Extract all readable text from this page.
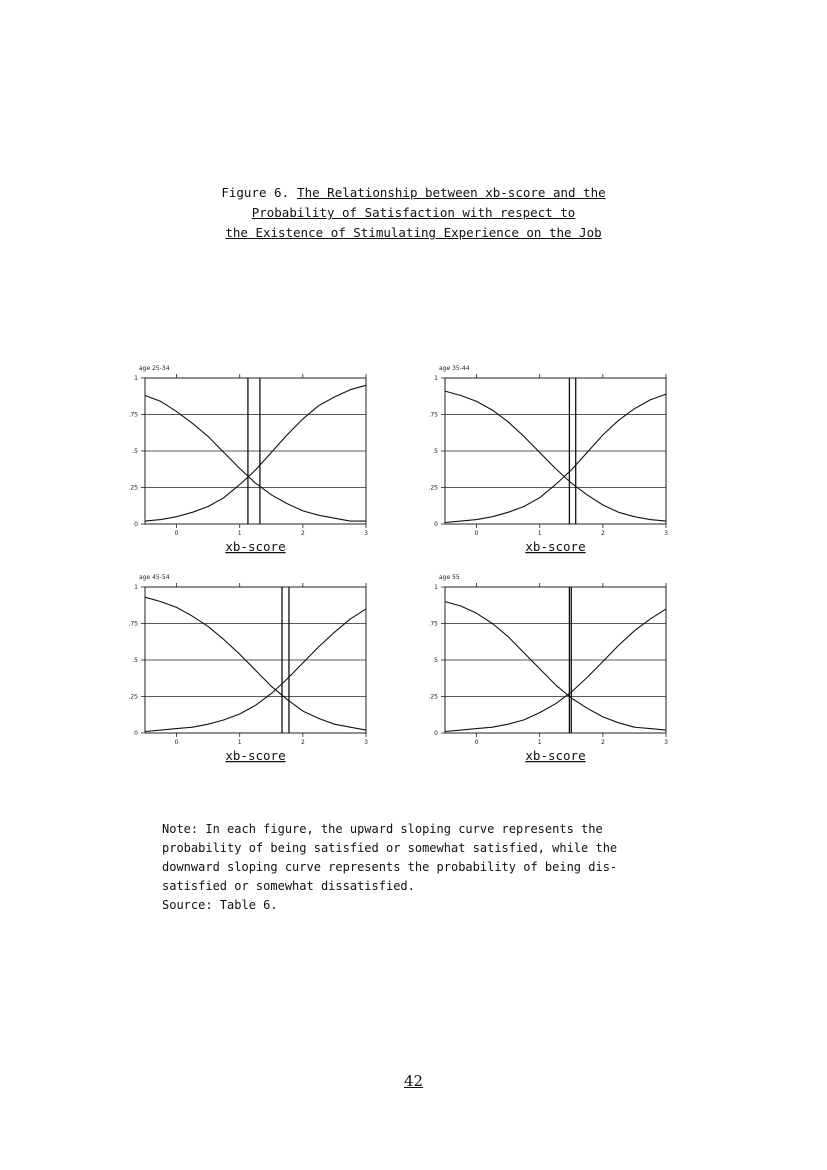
Figure 6. The Relationship between xb-score and the
Probability of Satisfaction with respect to
the Existence of Stimulating Experience on the Job
age 25-34
0
.25
.5
.75
1
0	1	2	3
xb-score
age 35-44
0
.25
.5
.75
1
0	1	2	3
xb-score
age 45-54
0
.25
.5
.75
1
0	1	2	3
xb-score
age 55
0
.25
.5
.75
1
0	1	2	3
xb-score
Note: In each figure, the upward sloping curve represents the
probability of being satisfied or somewhat satisfied, while the
downward sloping curve represents the probability of being dis-
satisfied or somewhat dissatisfied.
Source: Table 6.
42
